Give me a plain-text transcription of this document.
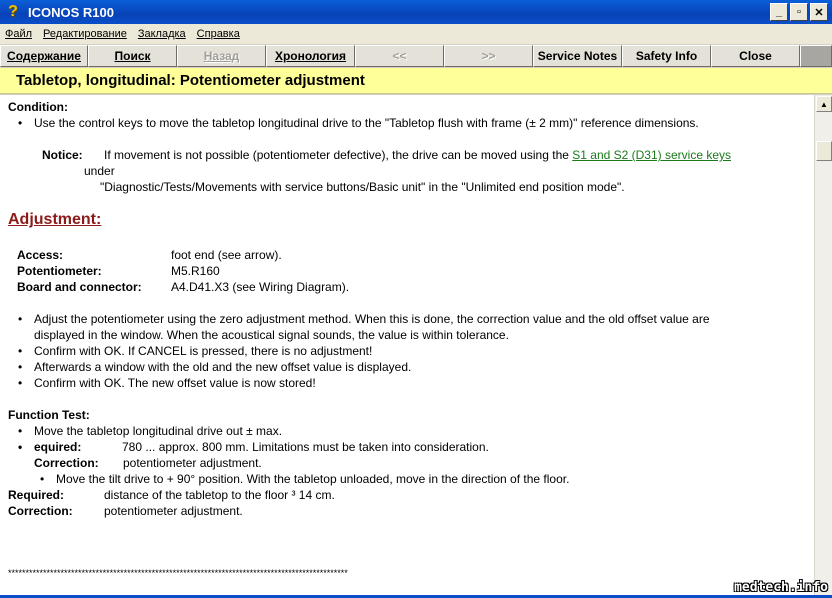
? ICONOS R100	_	▫	✕
Файл	Редактирование	Закладка	Справка
Содержание	Поиск	Назад	Хронология	<<	>>	Service Notes	Safety Info	Close
Tabletop, longitudinal: Potentiometer adjustment
Condition:
• Use the control keys to move the tabletop longitudinal drive to the "Tabletop flush with frame (± 2 mm)" reference dimensions.
Notice: If movement is not possible (potentiometer defective), the drive can be moved using the S1 and S2 (D31) service keys
under
"Diagnostic/Tests/Movements with service buttons/Basic unit" in the "Unlimited end position mode".
Adjustment:
Access:	foot end (see arrow).
Potentiometer:	M5.R160
Board and connector: A4.D41.X3 (see Wiring Diagram).
• Adjust the potentiometer using the zero adjustment method. When this is done, the correction value and the old offset value are
displayed in the window. When the acoustical signal sounds, the value is within tolerance.
• Confirm with OK. If CANCEL is pressed, there is no adjustment!
• Afterwards a window with the old and the new offset value is displayed.
• Confirm with OK. The new offset value is now stored!
Function Test:
• Move the tabletop longitudinal drive out ± max.
• equired:	780 ... approx. 800 mm. Limitations must be taken into consideration.
Correction: potentiometer adjustment.
• Move the tilt drive to + 90° position. With the tabletop unloaded, move in the direction of the floor.
Required:	distance of the tabletop to the floor ³ 14 cm.
Correction:	potentiometer adjustment.
*************************************************************************************************
▲
medtech.info
